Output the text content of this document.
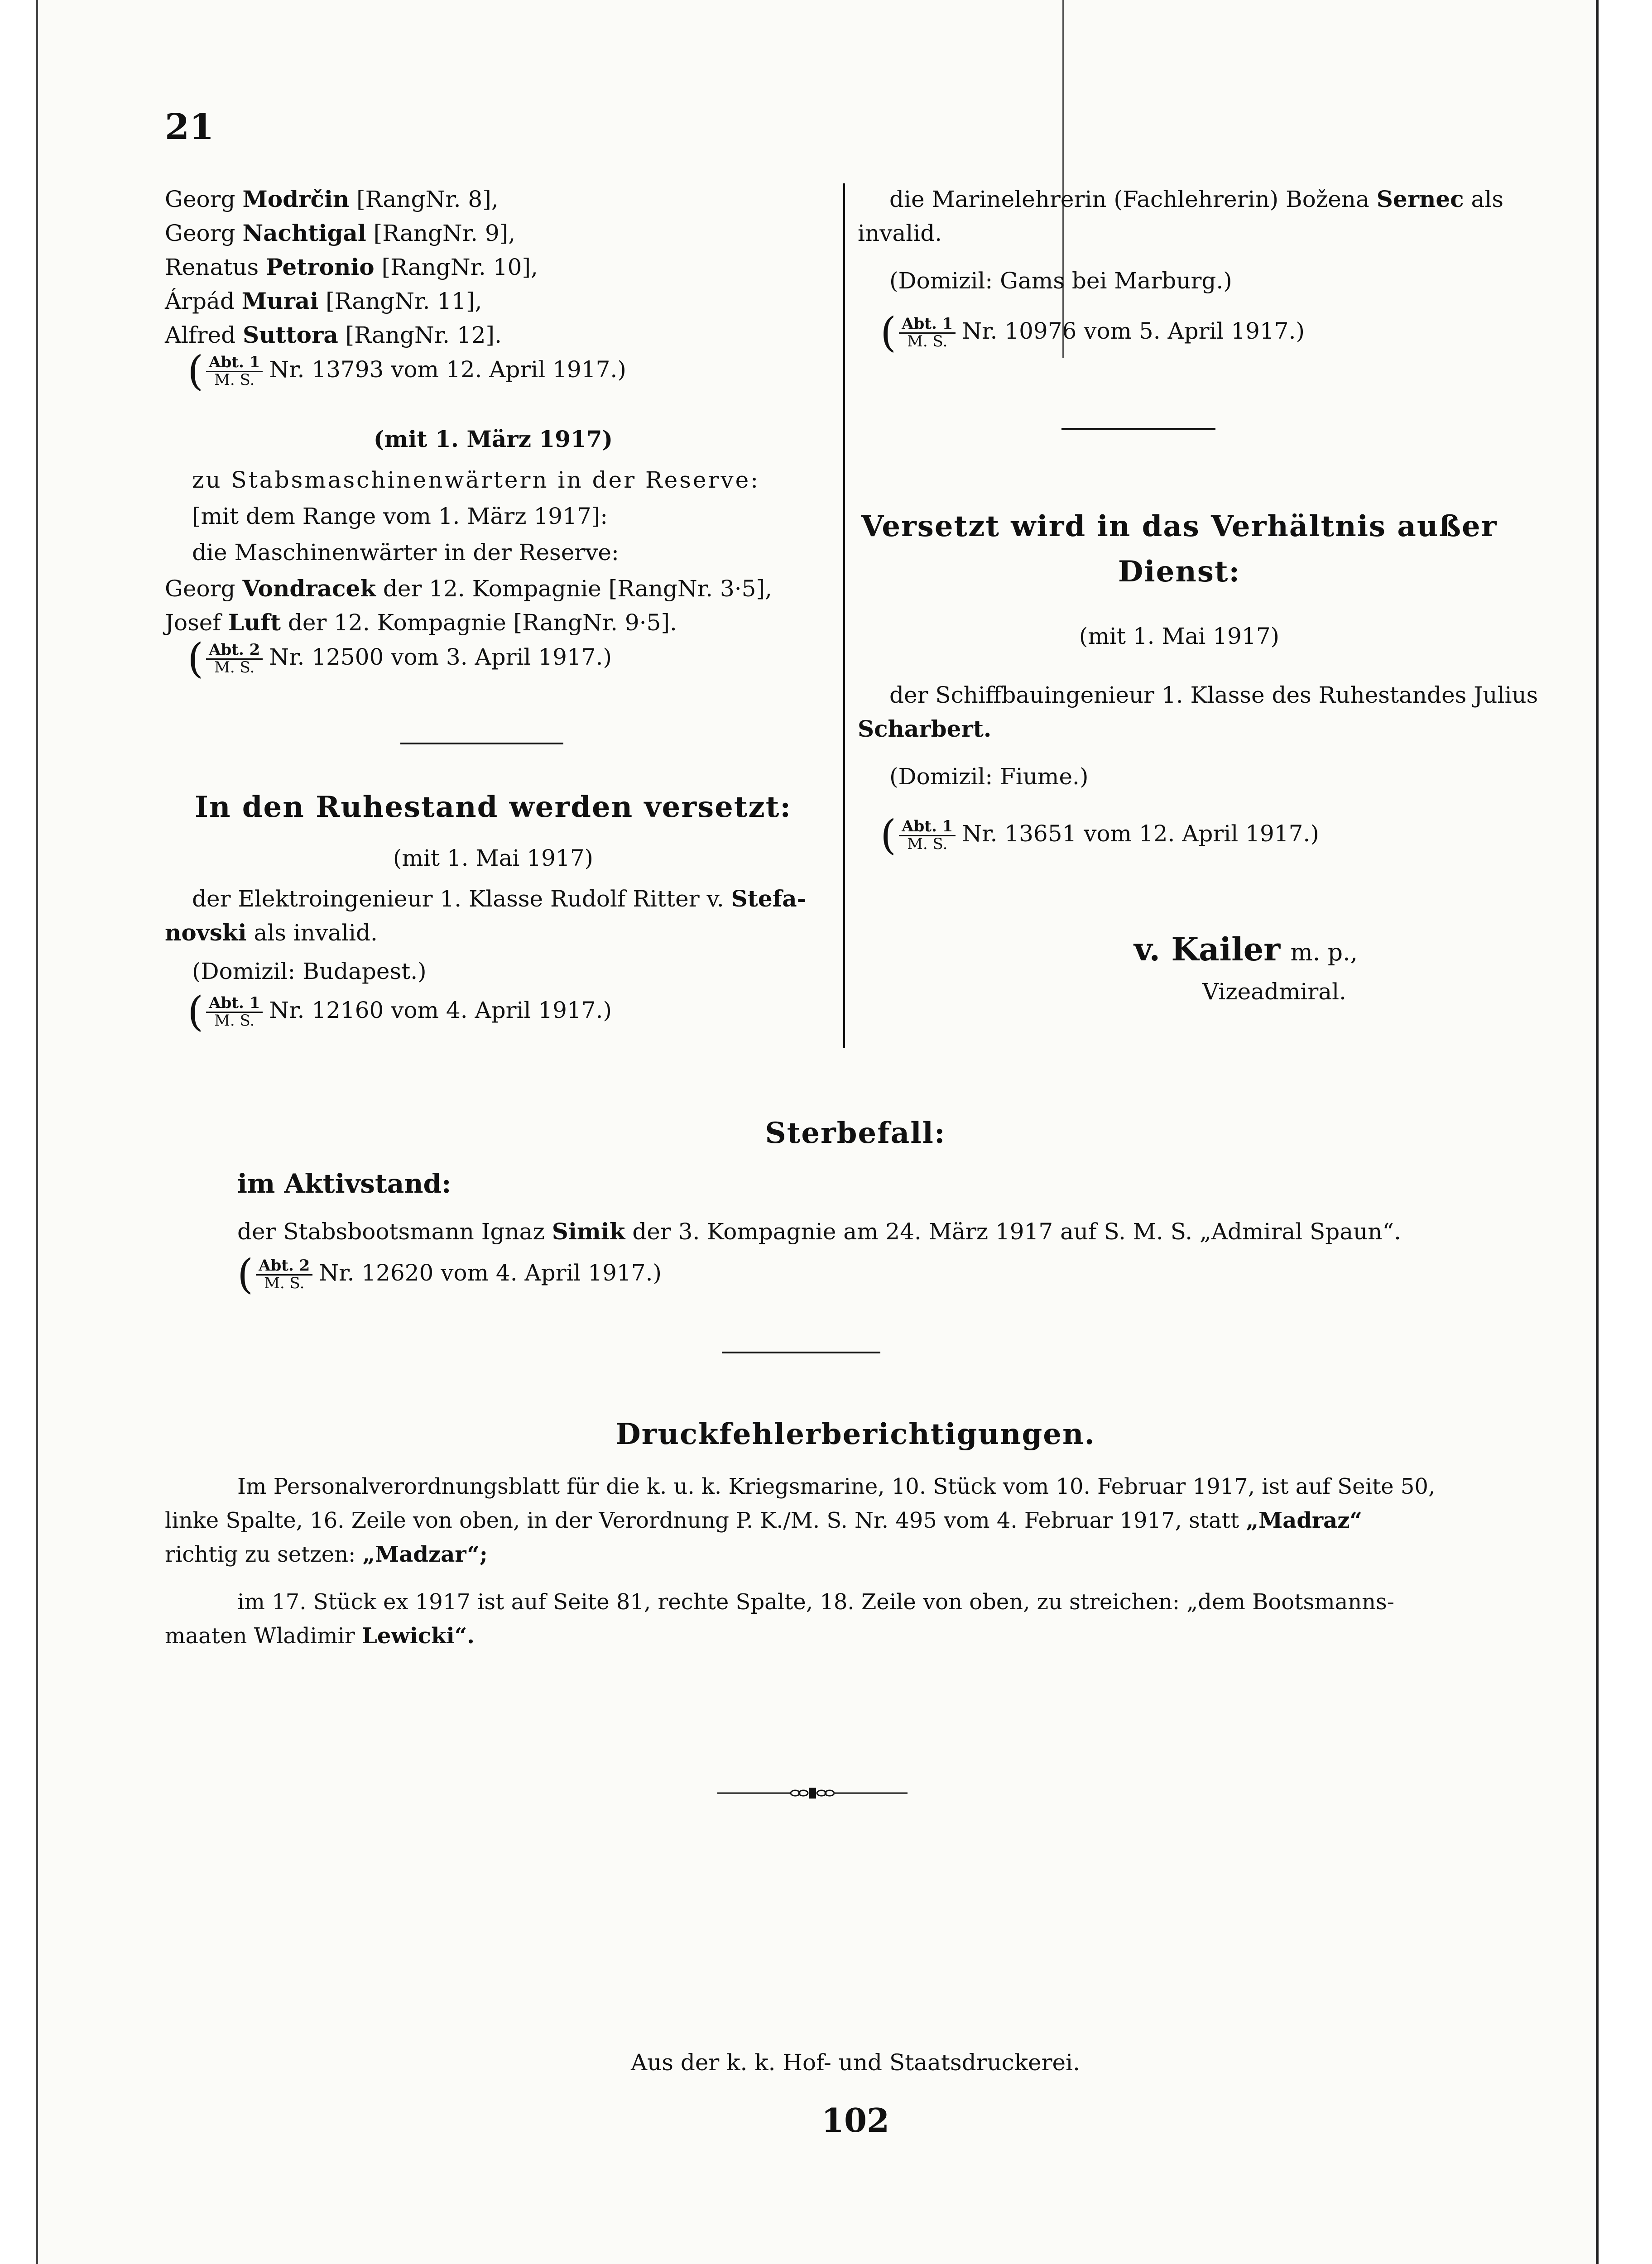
21
Georg Modrčin [RangNr. 8],
Georg Nachtigal [RangNr. 9],
Renatus Petronio [RangNr. 10],
Árpád Murai [RangNr. 11],
Alfred Suttora [RangNr. 12].
( Abt. 1
M. S. Nr. 13793 vom 12. April 1917.)
(mit 1. März 1917)
zu Stabsmaschinenwärtern in der Reserve:
[mit dem Range vom 1. März 1917]:
die Maschinenwärter in der Reserve:
Georg Vondracek der 12. Kompagnie [RangNr. 3·5],
Josef Luft der 12. Kompagnie [RangNr. 9·5].
( Abt. 2
M. S. Nr. 12500 vom 3. April 1917.)
In den Ruhestand werden versetzt:
(mit 1. Mai 1917)
der Elektroingenieur 1. Klasse Rudolf Ritter v. Stefa-
novski als invalid.
(Domizil: Budapest.)
( Abt. 1
M. S. Nr. 12160 vom 4. April 1917.)
die Marinelehrerin (Fachlehrerin) Božena Sernec als
invalid.
(Domizil: Gams bei Marburg.)
( Abt. 1
M. S. Nr. 10976 vom 5. April 1917.)
Versetzt wird in das Verhältnis außer
Dienst:
(mit 1. Mai 1917)
der Schiffbauingenieur 1. Klasse des Ruhestandes Julius
Scharbert.
(Domizil: Fiume.)
( Abt. 1
M. S. Nr. 13651 vom 12. April 1917.)
v. Kailer m. p.,
Vizeadmiral.
Sterbefall:
im Aktivstand:
der Stabsbootsmann Ignaz Simik der 3. Kompagnie am 24. März 1917 auf S. M. S. „Admiral Spaun“.
( Abt. 2
M. S. Nr. 12620 vom 4. April 1917.)
Druckfehlerberichtigungen.
Im Personalverordnungsblatt für die k. u. k. Kriegsmarine, 10. Stück vom 10. Februar 1917, ist auf Seite 50,
linke Spalte, 16. Zeile von oben, in der Verordnung P. K./M. S. Nr. 495 vom 4. Februar 1917, statt „Madraz“
richtig zu setzen: „Madzar“;
im 17. Stück ex 1917 ist auf Seite 81, rechte Spalte, 18. Zeile von oben, zu streichen: „dem Bootsmanns-
maaten Wladimir Lewicki“.
Aus der k. k. Hof- und Staatsdruckerei.
102
